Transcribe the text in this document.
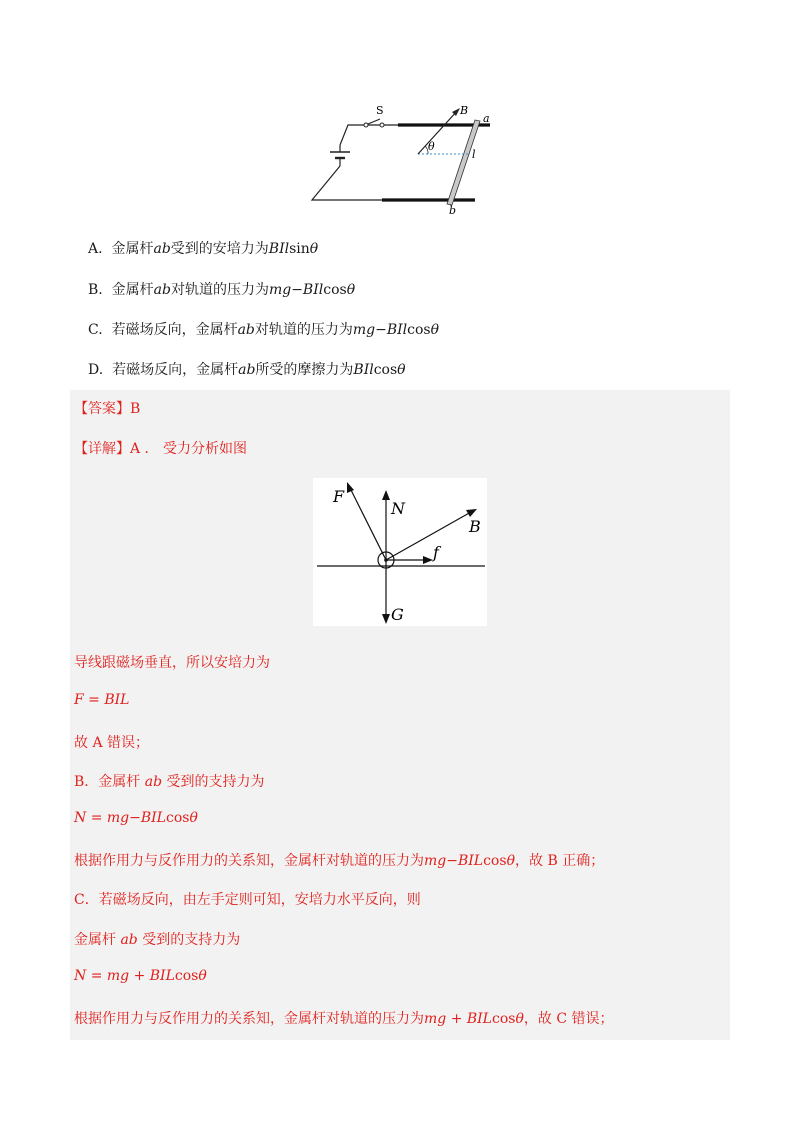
S	B
a
θ
l
b
A. 金属杆ab受到的安培力为BIlsinθ
B. 金属杆ab对轨道的压力为mg−BIlcosθ
C. 若磁场反向，金属杆ab对轨道的压力为mg−BIlcosθ
D. 若磁场反向，金属杆ab所受的摩擦力为BIlcosθ
【答案】B
【详解】A ． 受力分析如图
F
N
B
f
G
导线跟磁场垂直，所以安培力为
F = BIL
故 A 错误；
B．金属杆 ab 受到的支持力为
N = mg−BILcosθ
根据作用力与反作用力的关系知，金属杆对轨道的压力为mg−BILcosθ，故 B 正确；
C．若磁场反向，由左手定则可知，安培力水平反向，则
金属杆 ab 受到的支持力为
N = mg + BILcosθ
根据作用力与反作用力的关系知，金属杆对轨道的压力为mg + BILcosθ，故 C 错误；
